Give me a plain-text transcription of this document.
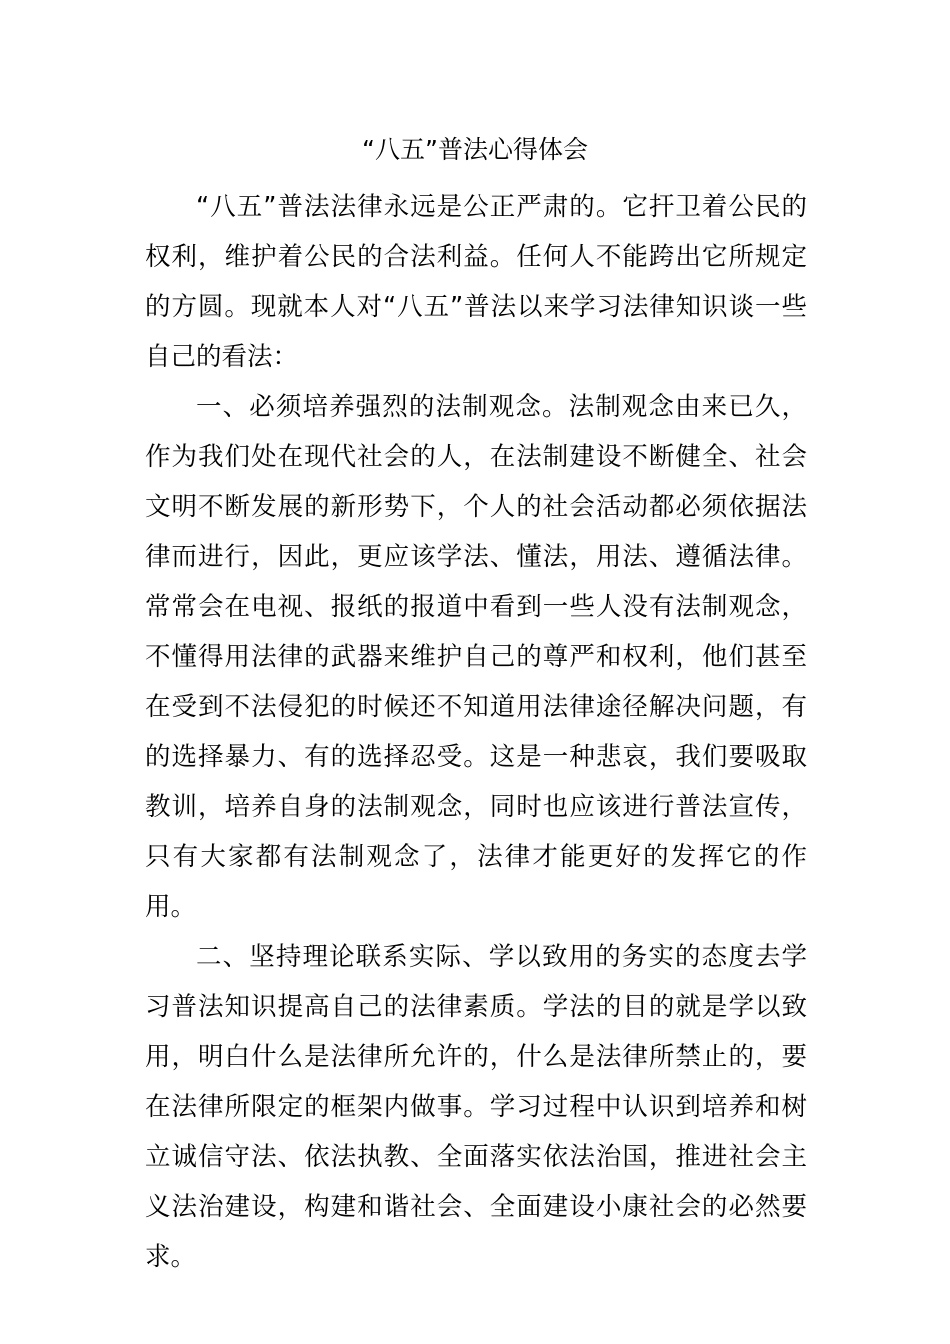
“八五”普法心得体会

“八五”普法法律永远是公正严肃的。它扞卫着公民的权利，维护着公民的合法利益。任何人不能跨出它所规定的方圆。现就本人对“八五”普法以来学习法律知识谈一些自己的看法：

一、必须培养强烈的法制观念。法制观念由来已久，作为我们处在现代社会的人，在法制建设不断健全、社会文明不断发展的新形势下，个人的社会活动都必须依据法律而进行，因此，更应该学法、懂法，用法、遵循法律。常常会在电视、报纸的报道中看到一些人没有法制观念，不懂得用法律的武器来维护自己的尊严和权利，他们甚至在受到不法侵犯的时候还不知道用法律途径解决问题，有的选择暴力、有的选择忍受。这是一种悲哀，我们要吸取教训，培养自身的法制观念，同时也应该进行普法宣传，只有大家都有法制观念了，法律才能更好的发挥它的作用。

二、坚持理论联系实际、学以致用的务实的态度去学习普法知识提高自己的法律素质。学法的目的就是学以致用，明白什么是法律所允许的，什么是法律所禁止的，要在法律所限定的框架内做事。学习过程中认识到培养和树立诚信守法、依法执教、全面落实依法治国，推进社会主义法治建设，构建和谐社会、全面建设小康社会的必然要求。
